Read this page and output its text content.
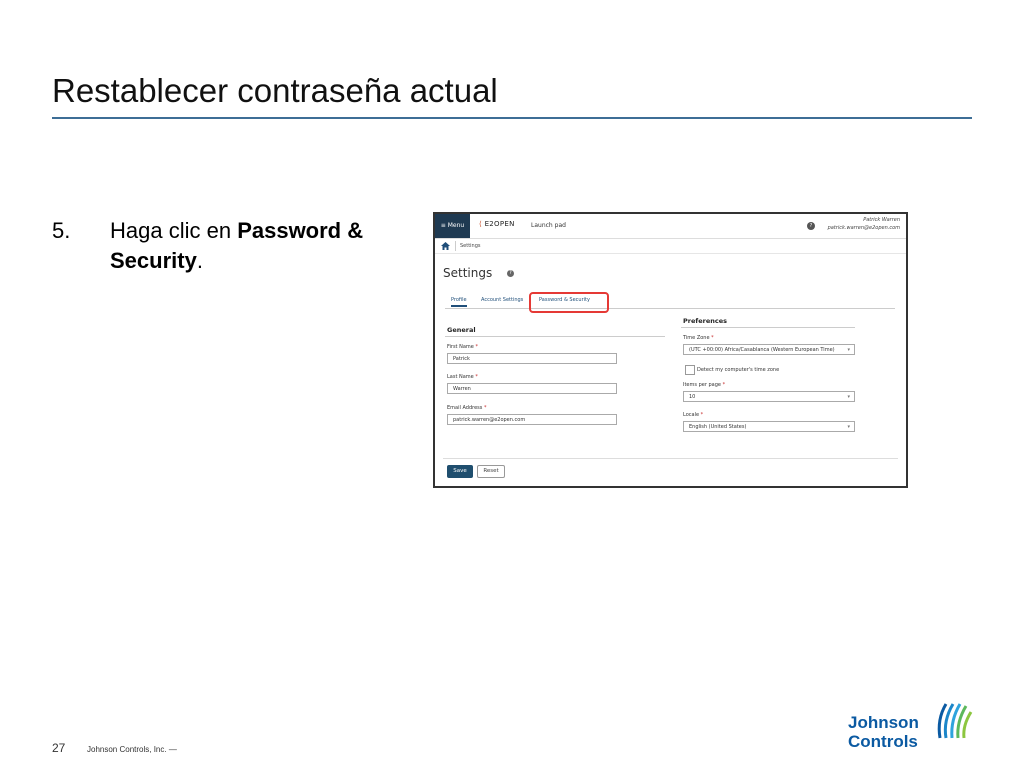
Restablecer contraseña actual
5. Haga clic en Password & Security.
≡ Menu	⟨ E2OPEN	Launch pad	?
Patrick Warren
patrick.warren@e2open.com
Settings
Settings	?
Profile	Account Settings	Password & Security
General
First Name *
Patrick
Last Name *
Warren
Email Address *
patrick.warren@e2open.com
Preferences
Time Zone *
(UTC +00:00) Africa/Casablanca (Western European Time)	▾
Detect my computer's time zone
Items per page *
10	▾
Locale *
English (United States)	▾
Save	Reset
27	Johnson Controls, Inc. —
Johnson
Controls
